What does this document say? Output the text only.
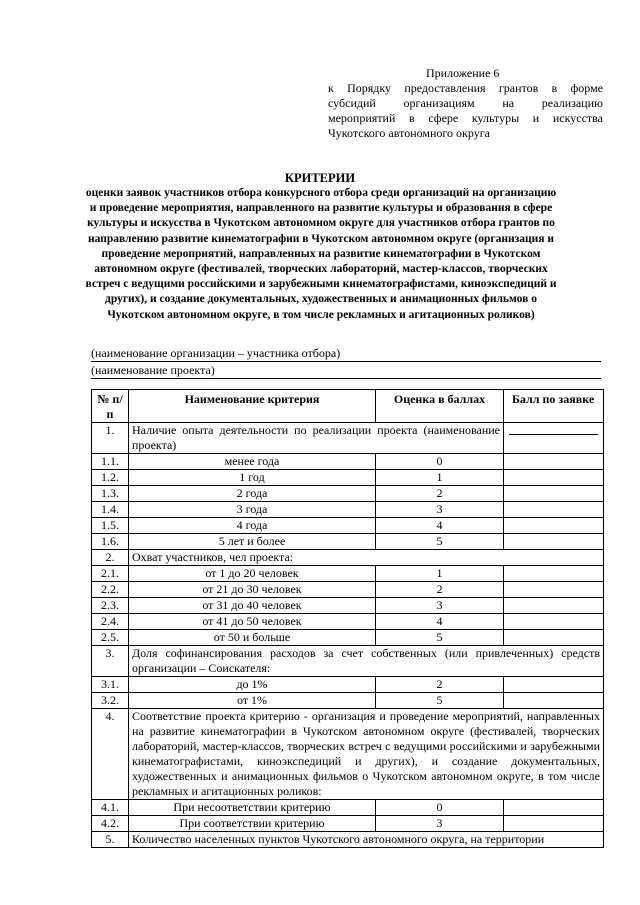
Приложение 6
к Порядку предоставления грантов в форме
субсидий организациям на реализацию
мероприятий в сфере культуры и искусства
Чукотского автономного округа
КРИТЕРИИ
оценки заявок участников отбора конкурсного отбора среди организаций на организацию и проведение мероприятия, направленного на развитие культуры и образования в сфере культуры и искусства в Чукотском автономном округе для участников отбора грантов по направлению развитие кинематографии в Чукотском автономном округе (организация и проведение мероприятий, направленных на развитие кинематографии в Чукотском автономном округе (фестивалей, творческих лабораторий, мастер-классов, творческих встреч с ведущими российскими и зарубежными кинематографистами, киноэкспедиций и других), и создание документальных, художественных и анимационных фильмов о Чукотском автономном округе, в том числе рекламных и агитационных роликов)
(наименование организации – участника отбора)
(наименование проекта)
№ п/п	Наименование критерия	Оценка в баллах	Балл по заявке
1.	Наличие опыта деятельности по реализации проекта (наименование проекта)		

1.1.	менее года	0	
1.2.	1 год	1	
1.3.	2 года	2	
1.4.	3 года	3	
1.5.	4 года	4	
1.6.	5 лет и более	5	
2.	Охват участников, чел проекта:		
2.1.	от 1 до 20 человек	1	
2.2.	от 21 до 30 человек	2	
2.3.	от 31 до 40 человек	3	
2.4.	от 41 до 50 человек	4	
2.5.	от 50 и больше	5	
3.	Доля софинансирования расходов за счет собственных (или привлеченных) средств организации – Соискателя:		
3.1.	до 1%	2	
3.2.	от 1%	5	
4.	Соответствие проекта критерию - организация и проведение мероприятий, направленных на развитие кинематографии в Чукотском автономном округе (фестивалей, творческих лабораторий, мастер-классов, творческих встреч с ведущими российскими и зарубежными кинематографистами, киноэкспедиций и других), и создание документальных, художественных и анимационных фильмов о Чукотском автономном округе, в том числе рекламных и агитационных роликов:		
4.1.	При несоответствии критерию	0	
4.2.	При соответствии критерию	3	
5.	Количество населенных пунктов Чукотского автономного округа, на территории		
